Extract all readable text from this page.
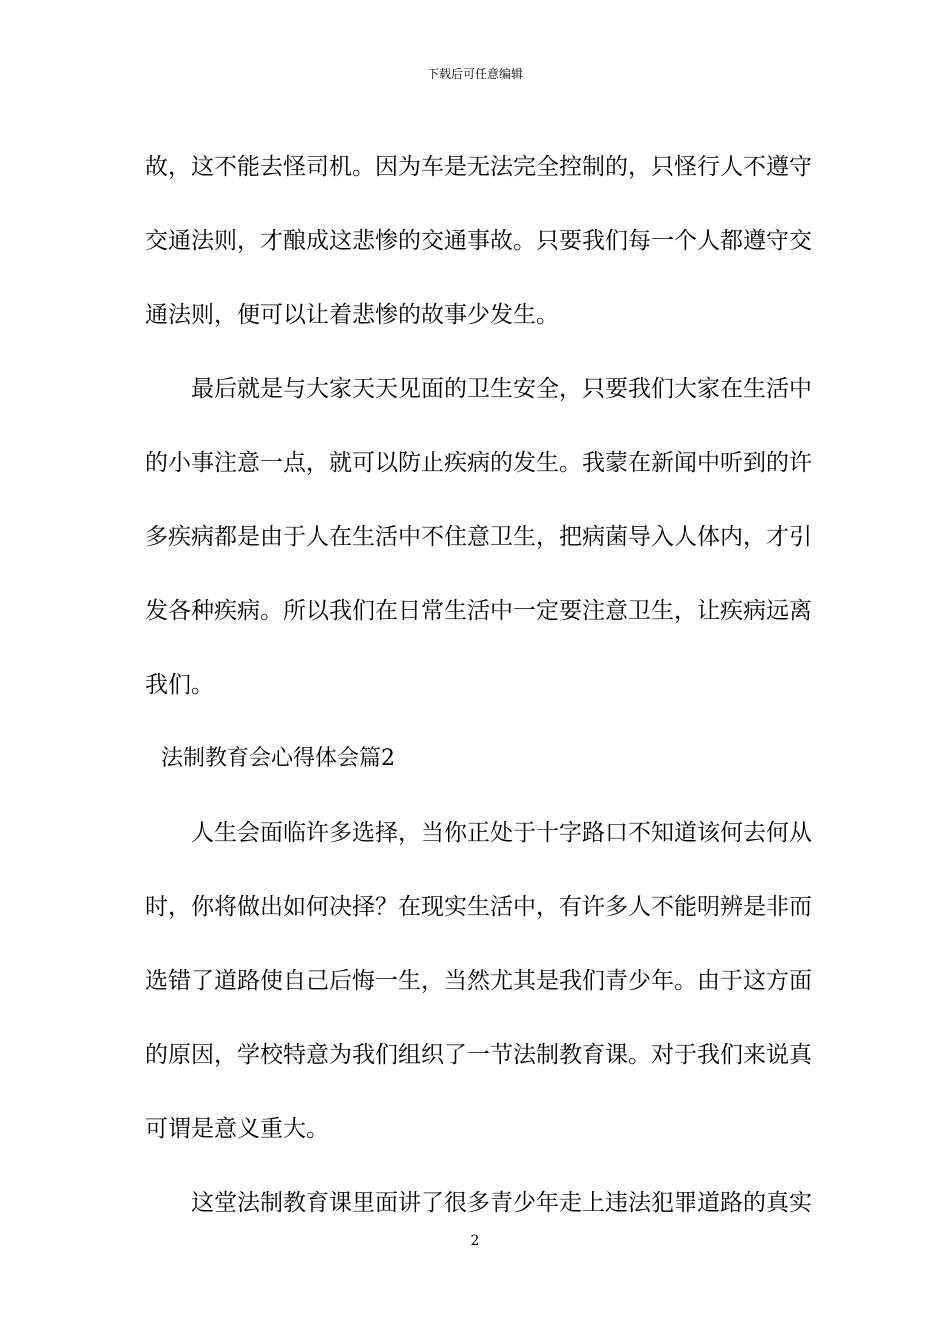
下载后可任意编辑
故，这不能去怪司机。因为车是无法完全控制的，只怪行人不遵守
交通法则，才酿成这悲惨的交通事故。只要我们每一个人都遵守交
通法则，便可以让着悲惨的故事少发生。
最后就是与大家天天见面的卫生安全，只要我们大家在生活中
的小事注意一点，就可以防止疾病的发生。我蒙在新闻中听到的许
多疾病都是由于人在生活中不住意卫生，把病菌导入人体内，才引
发各种疾病。所以我们在日常生活中一定要注意卫生，让疾病远离
我们。
法制教育会心得体会篇2
人生会面临许多选择，当你正处于十字路口不知道该何去何从
时，你将做出如何决择？在现实生活中，有许多人不能明辨是非而
选错了道路使自己后悔一生，当然尤其是我们青少年。由于这方面
的原因，学校特意为我们组织了一节法制教育课。对于我们来说真
可谓是意义重大。
这堂法制教育课里面讲了很多青少年走上违法犯罪道路的真实
2
